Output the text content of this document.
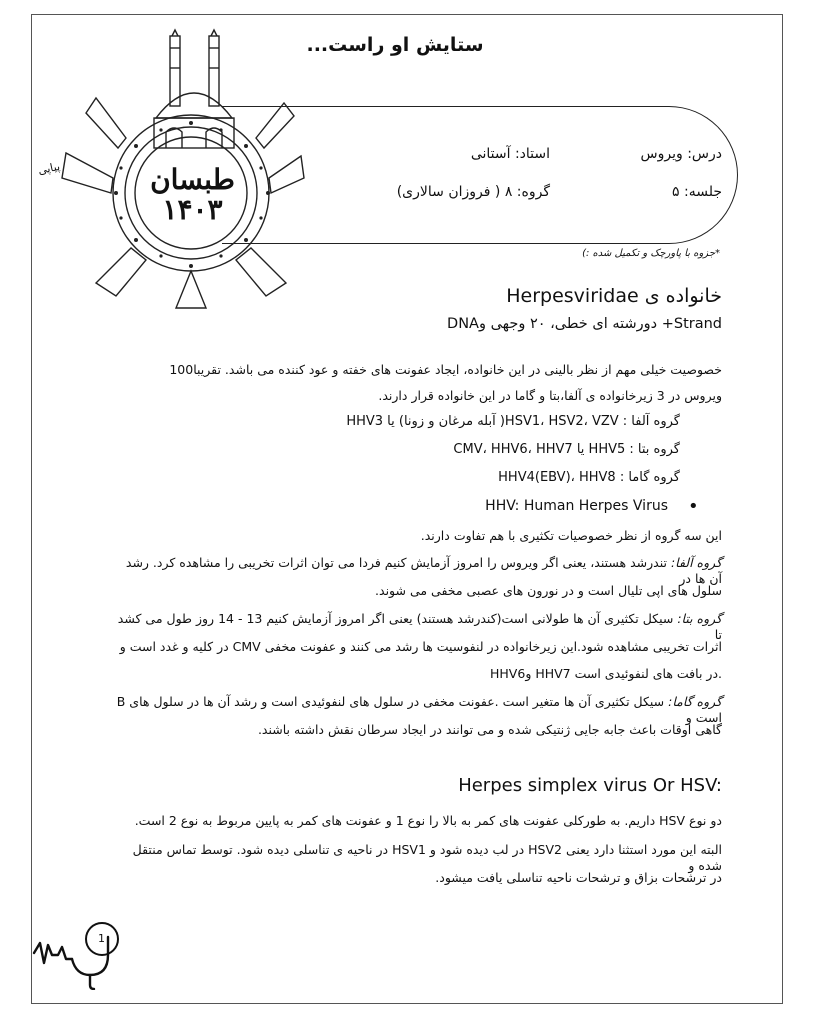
طبسان ۱۴۰۳
پیاپی
ستایش او راست...
درس: ویروس
استاد: آستانی
جلسه: ۵
گروه: ۸ ( فروزان سالاری)
*جزوه با پاورچک و تکمیل شده :)
خانواده ی Herpesviridae
DNAدورشته ای خطی، ۲۰ وجهی و +Strand
خصوصیت خیلی مهم از نظر بالینی در این خانواده، ایجاد عفونت های خفته و عود کننده می باشد. تقریبا100
ویروس در 3 زیرخانواده ی آلفا،بتا و گاما در این خانواده قرار دارند.
گروه آلفا : HSV1، HSV2، VZV( آبله مرغان و زونا) یا HHV3
گروه بتا : HHV5 یا CMV، HHV6، HHV7
گروه گاما : HHV4(EBV)، HHV8
HHV: Human Herpes Virus •
این سه گروه از نظر خصوصیات تکثیری با هم تفاوت دارند.
گروه آلفا: تندرشد هستند، یعنی اگر ویروس را امروز آزمایش کنیم فردا می توان اثرات تخریبی را مشاهده کرد. رشد آن ها در
سلول های اپی تلیال است و در نورون های عصبی مخفی می شوند.
گروه بتا: سیکل تکثیری آن ها طولانی است(کندرشد هستند) یعنی اگر امروز آزمایش کنیم 13 - 14 روز طول می کشد تا
اثرات تخریبی مشاهده شود.این زیرخانواده در لنفوسیت ها رشد می کنند و عفونت مخفی CMV در کلیه و غدد است و
HHV6و HHV7 در بافت های لنفوئیدی است.
گروه گاما: سیکل تکثیری آن ها متغیر است .عفونت مخفی در سلول های لنفوئیدی است و رشد آن ها در سلول های B است و
گاهی اوقات باعث جابه جایی ژنتیکی شده و می توانند در ایجاد سرطان نقش داشته باشند.
Herpes simplex virus Or HSV:
دو نوع HSV داریم. به طورکلی عفونت های کمر به بالا را نوع 1 و عفونت های کمر به پایین مربوط به نوع 2 است.
البته این مورد استثنا دارد یعنی HSV2 در لب دیده شود و HSV1 در ناحیه ی تناسلی دیده شود. توسط تماس منتقل شده و
در ترشحات بزاق و ترشحات ناحیه تناسلی یافت میشود.
1
